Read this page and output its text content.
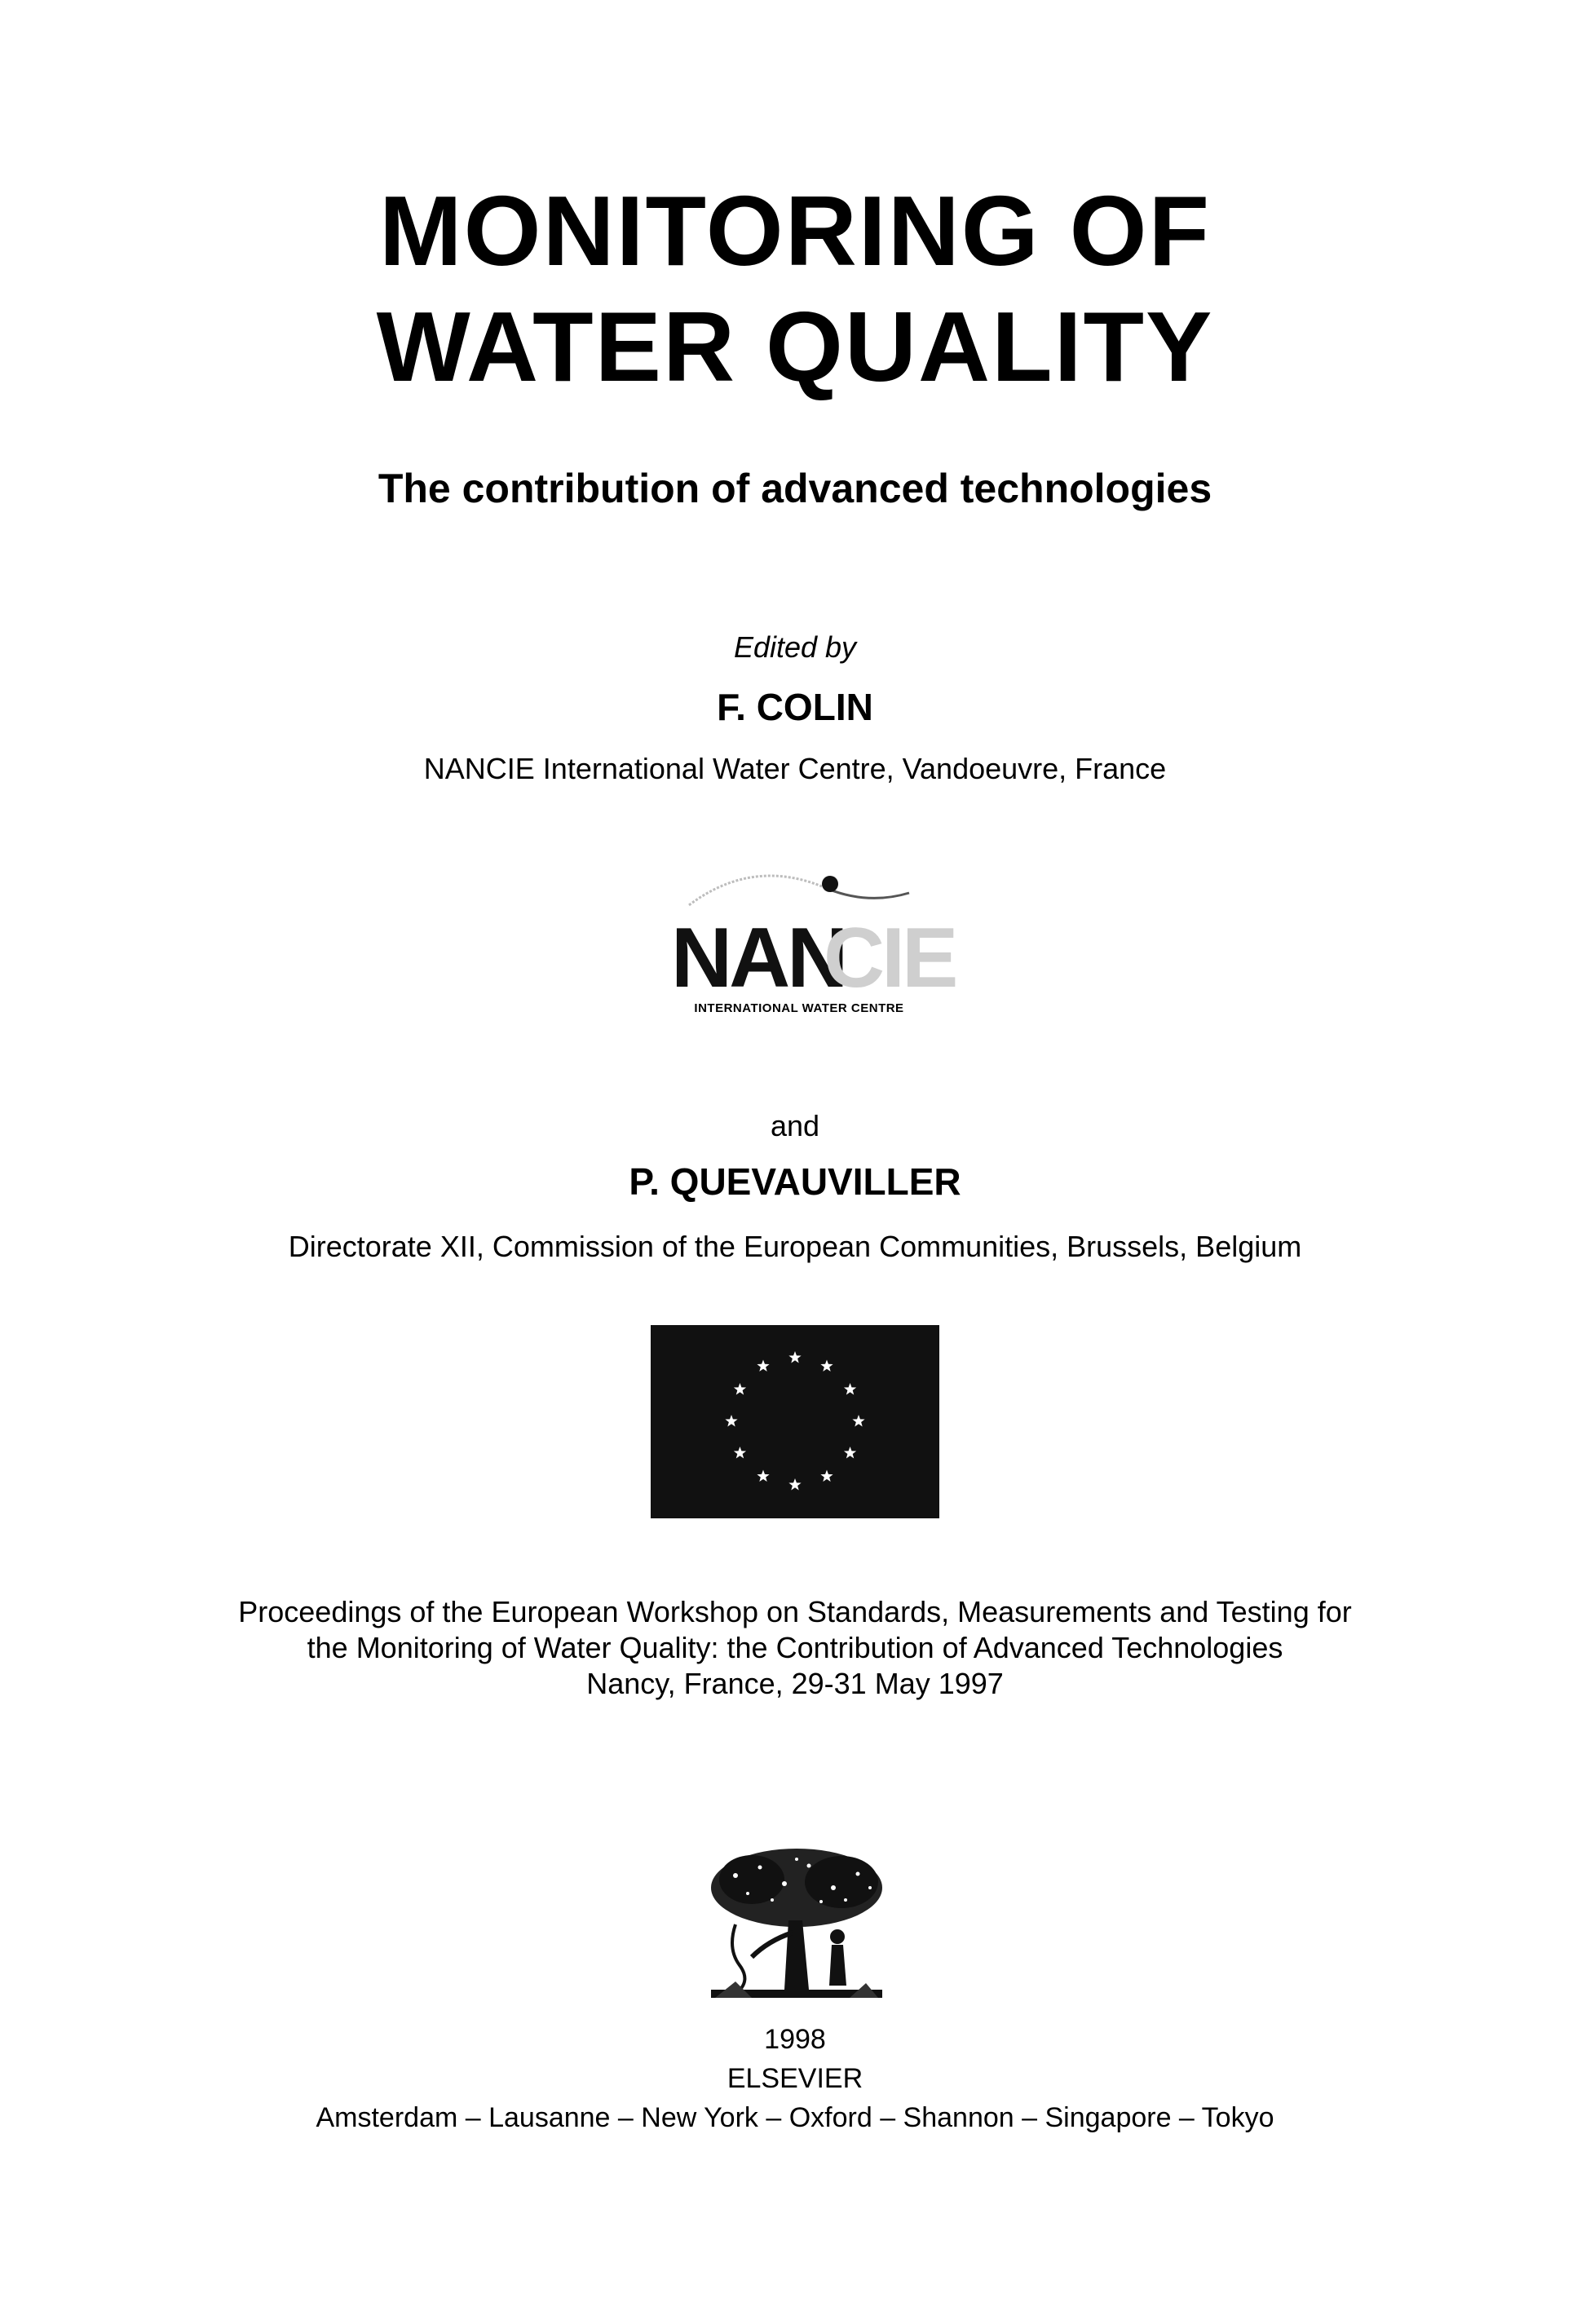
MONITORING OF
WATER QUALITY
The contribution of advanced technologies
Edited by
F. COLIN
NANCIE International Water Centre, Vandoeuvre, France
NAN
CIE
INTERNATIONAL WATER CENTRE
and
P. QUEVAUVILLER
Directorate XII, Commission of the European Communities, Brussels, Belgium
Proceedings of the European Workshop on Standards, Measurements and Testing for
the Monitoring of Water Quality: the Contribution of Advanced Technologies
Nancy, France, 29-31 May 1997
1998
ELSEVIER
Amsterdam – Lausanne – New York – Oxford – Shannon – Singapore – Tokyo
